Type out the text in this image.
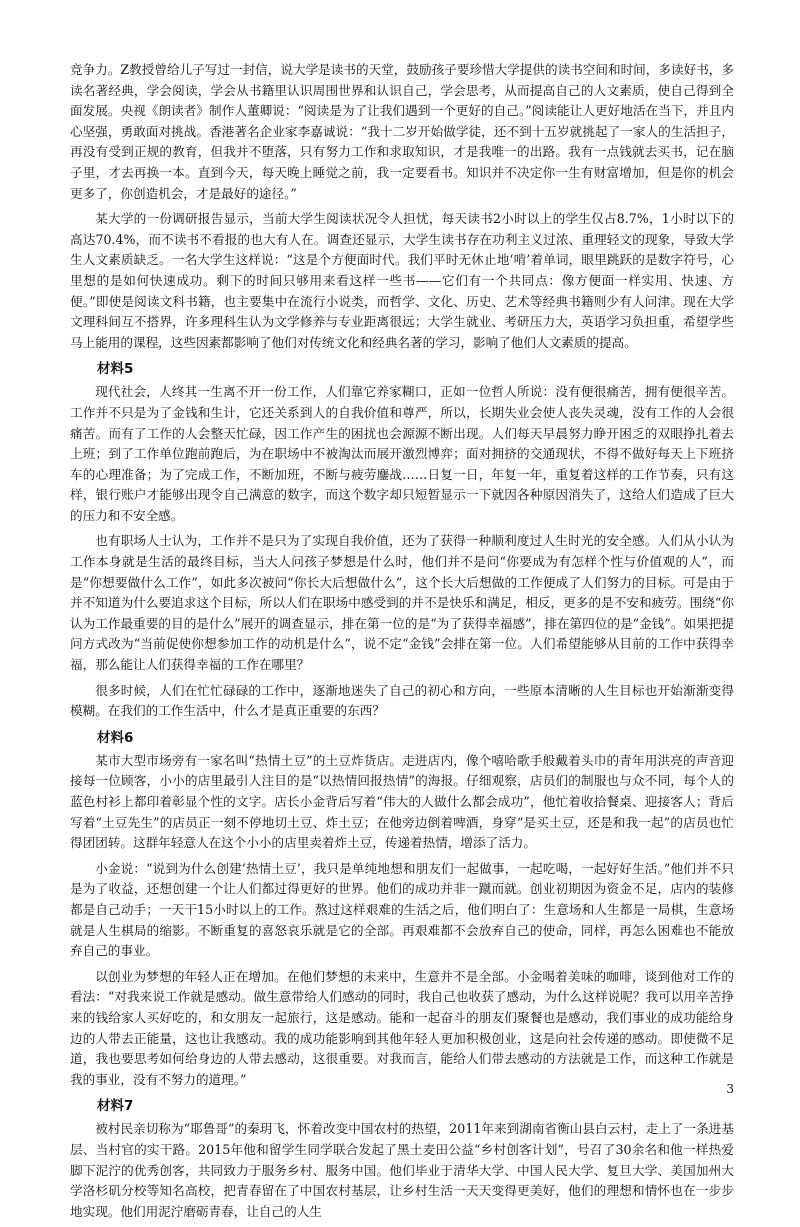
竞争力。Z教授曾给儿子写过一封信，说大学是读书的天堂，鼓励孩子要珍惜大学提供的读书空间和时间，多读好书，多读名著经典，学会阅读，学会从书籍里认识周围世界和认识自己，学会思考，从而提高自己的人文素质，使自己得到全面发展。央视《朗读者》制作人董卿说：“阅读是为了让我们遇到一个更好的自己。”阅读能让人更好地活在当下，并且内心坚强，勇敢面对挑战。香港著名企业家李嘉诚说：“我十二岁开始做学徒，还不到十五岁就挑起了一家人的生活担子，再没有受到正规的教育，但我并不堕落，只有努力工作和求取知识，才是我唯一的出路。我有一点钱就去买书，记在脑子里，才去再换一本。直到今天，每天晚上睡觉之前，我一定要看书。知识并不决定你一生有财富增加，但是你的机会更多了，你创造机会，才是最好的途径。”

某大学的一份调研报告显示，当前大学生阅读状况令人担忧，每天读书2小时以上的学生仅占8.7%，1小时以下的高达70.4%，而不读书不看报的也大有人在。调查还显示，大学生读书存在功利主义过浓、重理轻文的现象，导致大学生人文素质缺乏。一名大学生这样说：“这是个方便面时代。我们平时无休止地‘啃’着单词，眼里跳跃的是数字符号，心里想的是如何快速成功。剩下的时间只够用来看这样一些书——它们有一个共同点：像方便面一样实用、快速、方便。”即使是阅读文科书籍，也主要集中在流行小说类，而哲学、文化、历史、艺术等经典书籍则少有人问津。现在大学文理科间互不搭界，许多理科生认为文学修养与专业距离很远；大学生就业、考研压力大，英语学习负担重，希望学些马上能用的课程，这些因素都影响了他们对传统文化和经典名著的学习，影响了他们人文素质的提高。

材料5

现代社会，人终其一生离不开一份工作，人们靠它养家糊口，正如一位哲人所说：没有便很痛苦，拥有便很辛苦。工作并不只是为了金钱和生计，它还关系到人的自我价值和尊严，所以，长期失业会使人丧失灵魂，没有工作的人会很痛苦。而有了工作的人会整天忙碌，因工作产生的困扰也会源源不断出现。人们每天早晨努力睁开困乏的双眼挣扎着去上班；到了工作单位跑前跑后，为在职场中不被淘汰而展开激烈博弈；面对拥挤的交通现状，不得不做好每天上下班挤车的心理准备；为了完成工作，不断加班，不断与疲劳鏖战……日复一日，年复一年，重复着这样的工作节奏，只有这样，银行账户才能够出现令自己满意的数字，而这个数字却只短暂显示一下就因各种原因消失了，这给人们造成了巨大的压力和不安全感。

也有职场人士认为，工作并不是只为了实现自我价值，还为了获得一种顺利度过人生时光的安全感。人们从小认为工作本身就是生活的最终目标，当大人问孩子梦想是什么时，他们并不是问“你要成为有怎样个性与价值观的人”，而是“你想要做什么工作”，如此多次被问“你长大后想做什么”，这个长大后想做的工作便成了人们努力的目标。可是由于并不知道为什么要追求这个目标，所以人们在职场中感受到的并不是快乐和满足，相反，更多的是不安和疲劳。围绕“你认为工作最重要的目的是什么”展开的调查显示，排在第一位的是“为了获得幸福感”，排在第四位的是“金钱”。如果把提问方式改为“当前促使你想参加工作的动机是什么”，说不定“金钱”会排在第一位。人们希望能够从目前的工作中获得幸福，那么能让人们获得幸福的工作在哪里？

很多时候，人们在忙忙碌碌的工作中，逐渐地迷失了自己的初心和方向，一些原本清晰的人生目标也开始渐渐变得模糊。在我们的工作生活中，什么才是真正重要的东西？

材料6

某市大型市场旁有一家名叫“热情土豆”的土豆炸货店。走进店内，像个嘻哈歌手般戴着头巾的青年用洪亮的声音迎接每一位顾客，小小的店里最引人注目的是“以热情回报热情”的海报。仔细观察，店员们的制服也与众不同，每个人的蓝色村衫上都印着彰显个性的文字。店长小金背后写着“伟大的人做什么都会成功”，他忙着收拾餐桌、迎接客人；背后写着“土豆先生”的店员正一刻不停地切土豆、炸土豆；在他旁边倒着啤酒，身穿“是买土豆，还是和我一起”的店员也忙得团团转。这群年轻意人在这个小小的店里卖着炸土豆，传递着热情，增添了活力。

小金说：“说到为什么创建‘热情土豆’，我只是单纯地想和朋友们一起做事，一起吃喝，一起好好生活。”他们并不只是为了收益，还想创建一个让人们都过得更好的世界。他们的成功并非一蹴而就。创业初期因为资金不足，店内的装修都是自己动手；一天干15小时以上的工作。熬过这样艰难的生活之后，他们明白了：生意场和人生都是一局棋，生意场就是人生棋局的缩影。不断重复的喜怒哀乐就是它的全部。再艰难都不会放弃自己的使命，同样，再怎么困难也不能放弃自己的事业。

以创业为梦想的年轻人正在增加。在他们梦想的未来中，生意并不是全部。小金喝着美味的咖啡，谈到他对工作的看法：“对我来说工作就是感动。做生意带给人们感动的同时，我自己也收获了感动，为什么这样说呢？我可以用辛苦挣来的钱给家人买好吃的，和女朋友一起旅行，这是感动。能和一起奋斗的朋友们聚餐也是感动，我们事业的成功能给身边的人带去正能量，这也让我感动。我的成功能影响到其他年轻人更加积极创业，这是向社会传递的感动。即使微不足道，我也要思考如何给身边的人带去感动，这很重要。对我而言，能给人们带去感动的方法就是工作，而这种工作就是我的事业，没有不努力的道理。”

材料7

被村民亲切称为“耶鲁哥”的秦玥飞，怀着改变中国农村的热望，2011年来到湖南省衡山县白云村，走上了一条进基层、当村官的实干路。2015年他和留学生同学联合发起了黑土麦田公益“乡村创客计划”，号召了30余名和他一样热爱脚下泥泞的优秀创客，共同致力于服务乡村、服务中国。他们毕业于清华大学、中国人民大学、复旦大学、美国加州大学洛杉矶分校等知名高校，把青春留在了中国农村基层，让乡村生活一天天变得更美好，他们的理想和情怀也在一步步地实现。他们用泥泞磨砺青春，让自己的人生

3
